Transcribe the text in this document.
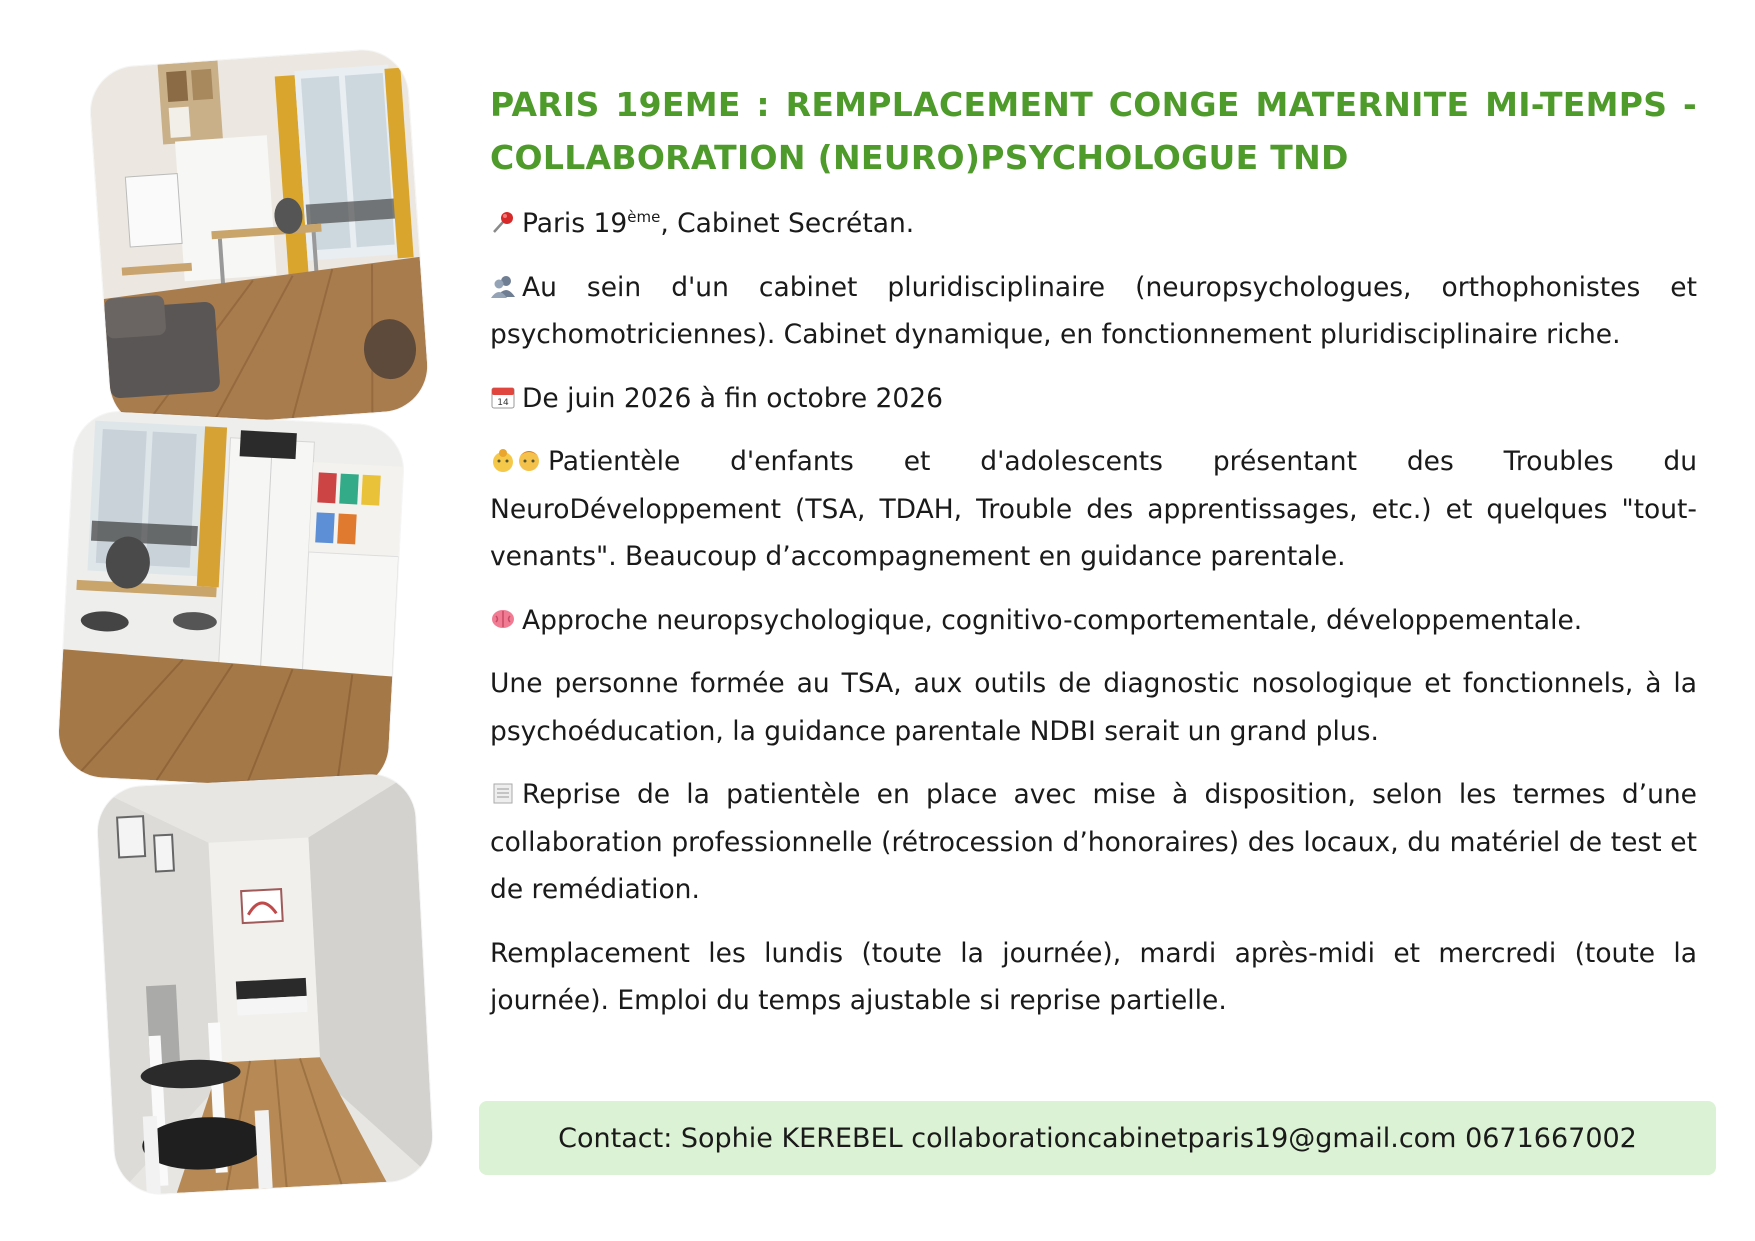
PARIS 19EME : REMPLACEMENT CONGE MATERNITE MI-TEMPS - COLLABORATION (NEURO)PSYCHOLOGUE TND

Paris 19ème, Cabinet Secrétan.

Au sein d'un cabinet pluridisciplinaire (neuropsychologues, orthophonistes et psychomotriciennes). Cabinet dynamique, en fonctionnement pluridisciplinaire riche.

14 De juin 2026 à fin octobre 2026

Patientèle d'enfants et d'adolescents présentant des Troubles du NeuroDéveloppement (TSA, TDAH, Trouble des apprentissages, etc.) et quelques "tout-venants". Beaucoup d’accompagnement en guidance parentale.

Approche neuropsychologique, cognitivo-comportementale, développementale.

Une personne formée au TSA, aux outils de diagnostic nosologique et fonctionnels, à la psychoéducation, la guidance parentale NDBI serait un grand plus.

Reprise de la patientèle en place avec mise à disposition, selon les termes d’une collaboration professionnelle (rétrocession d’honoraires) des locaux, du matériel de test et de remédiation.

Remplacement les lundis (toute la journée), mardi après-midi et mercredi (toute la journée). Emploi du temps ajustable si reprise partielle.

Contact: Sophie KEREBEL collaborationcabinetparis19@gmail.com 0671667002
